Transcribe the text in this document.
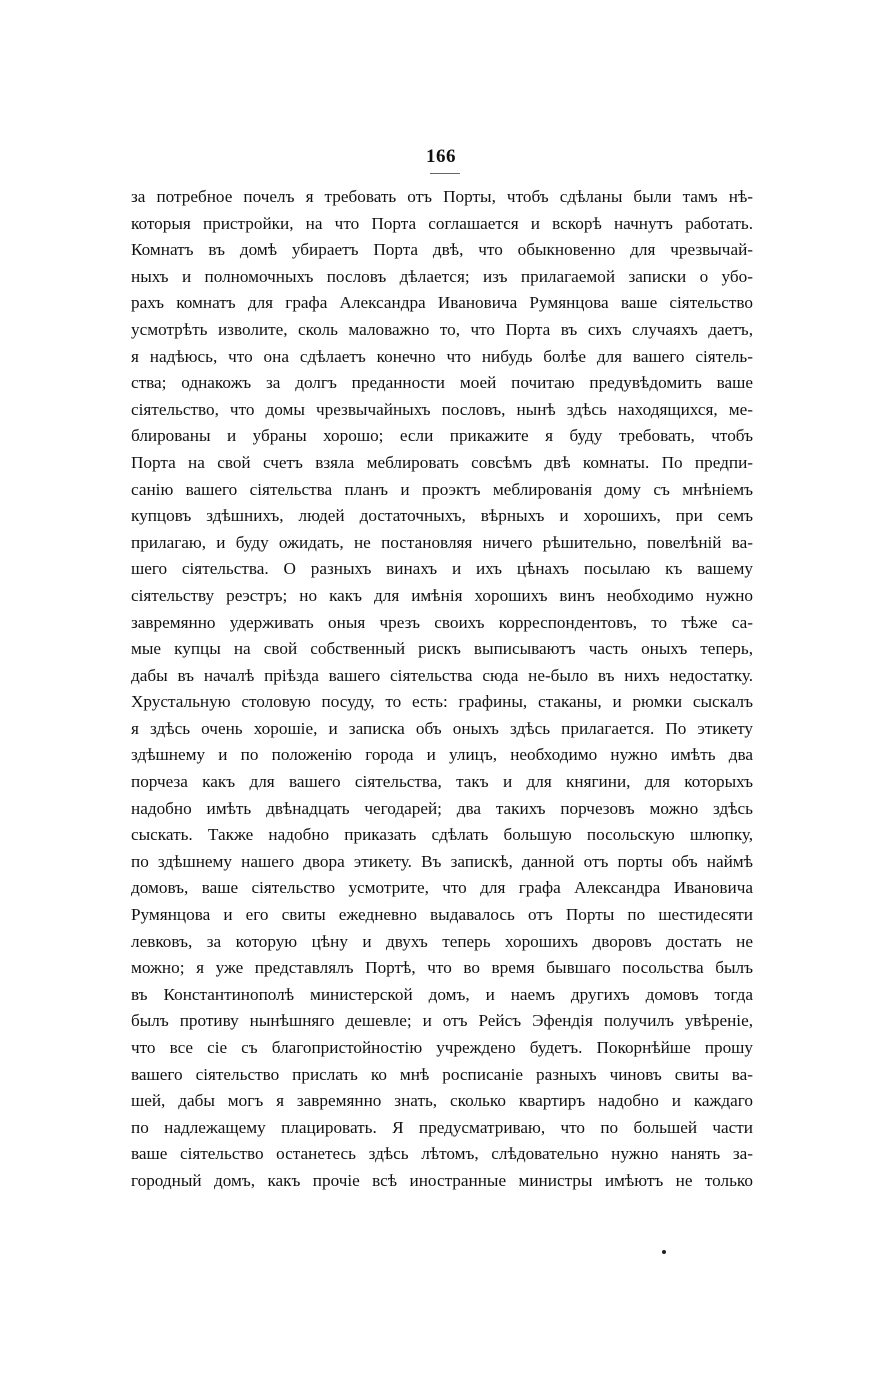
166
за потребное почелъ я требовать отъ Порты, чтобъ сдѣланы были тамъ нѣ-
которыя пристройки, на что Порта соглашается и вскорѣ начнутъ работать.
Комнатъ въ домѣ убираетъ Порта двѣ, что обыкновенно для чрезвычай-
ныхъ и полномочныхъ пословъ дѣлается; изъ прилагаемой записки о убо-
рахъ комнатъ для графа Александра Ивановича Румянцова ваше сіятельство
усмотрѣть изволите, сколь маловажно то, что Порта въ сихъ случаяхъ даетъ,
я надѣюсь, что она сдѣлаетъ конечно что нибудь болѣе для вашего сіятель-
ства; однакожъ за долгъ преданности моей почитаю предувѣдомить ваше
сіятельство, что домы чрезвычайныхъ пословъ, нынѣ здѣсь находящихся, ме-
блированы и убраны хорошо; если прикажите я буду требовать, чтобъ
Порта на свой счетъ взяла меблировать совсѣмъ двѣ комнаты. По предпи-
санію вашего сіятельства планъ и проэктъ меблированія дому съ мнѣніемъ
купцовъ здѣшнихъ, людей достаточныхъ, вѣрныхъ и хорошихъ, при семъ
прилагаю, и буду ожидать, не постановляя ничего рѣшительно, повелѣній ва-
шего сіятельства. О разныхъ винахъ и ихъ цѣнахъ посылаю къ вашему
сіятельству реэстръ; но какъ для имѣнія хорошихъ винъ необходимо нужно
завремянно удерживать оныя чрезъ своихъ корреспондентовъ, то тѣже са-
мые купцы на свой собственный рискъ выписываютъ часть оныхъ теперь,
дабы въ началѣ пріѣзда вашего сіятельства сюда не-было въ нихъ недостатку.
Хрустальную столовую посуду, то есть: графины, стаканы, и рюмки сыскалъ
я здѣсь очень хорошіе, и записка объ оныхъ здѣсь прилагается. По этикету
здѣшнему и по положенію города и улицъ, необходимо нужно имѣть два
порчеза какъ для вашего сіятельства, такъ и для княгини, для которыхъ
надобно имѣть двѣнадцать чегодарей; два такихъ порчезовъ можно здѣсь
сыскать. Также надобно приказать сдѣлать большую посольскую шлюпку,
по здѣшнему нашего двора этикету. Въ запискѣ, данной отъ порты объ наймѣ
домовъ, ваше сіятельство усмотрите, что для графа Александра Ивановича
Румянцова и его свиты ежедневно выдавалось отъ Порты по шестидесяти
левковъ, за которую цѣну и двухъ теперь хорошихъ дворовъ достать не
можно; я уже представлялъ Портѣ, что во время бывшаго посольства былъ
въ Константинополѣ министерской домъ, и наемъ другихъ домовъ тогда
былъ противу нынѣшняго дешевле; и отъ Рейсъ Эфендія получилъ увѣреніе,
что все сіе съ благопристойностію учреждено будетъ. Покорнѣйше прошу
вашего сіятельство прислать ко мнѣ росписаніе разныхъ чиновъ свиты ва-
шей, дабы могъ я завремянно знать, сколько квартиръ надобно и каждаго
по надлежащему плацировать. Я предусматриваю, что по большей части
ваше сіятельство останетесь здѣсь лѣтомъ, слѣдовательно нужно нанять за-
городный домъ, какъ прочіе всѣ иностранные министры имѣютъ не только
